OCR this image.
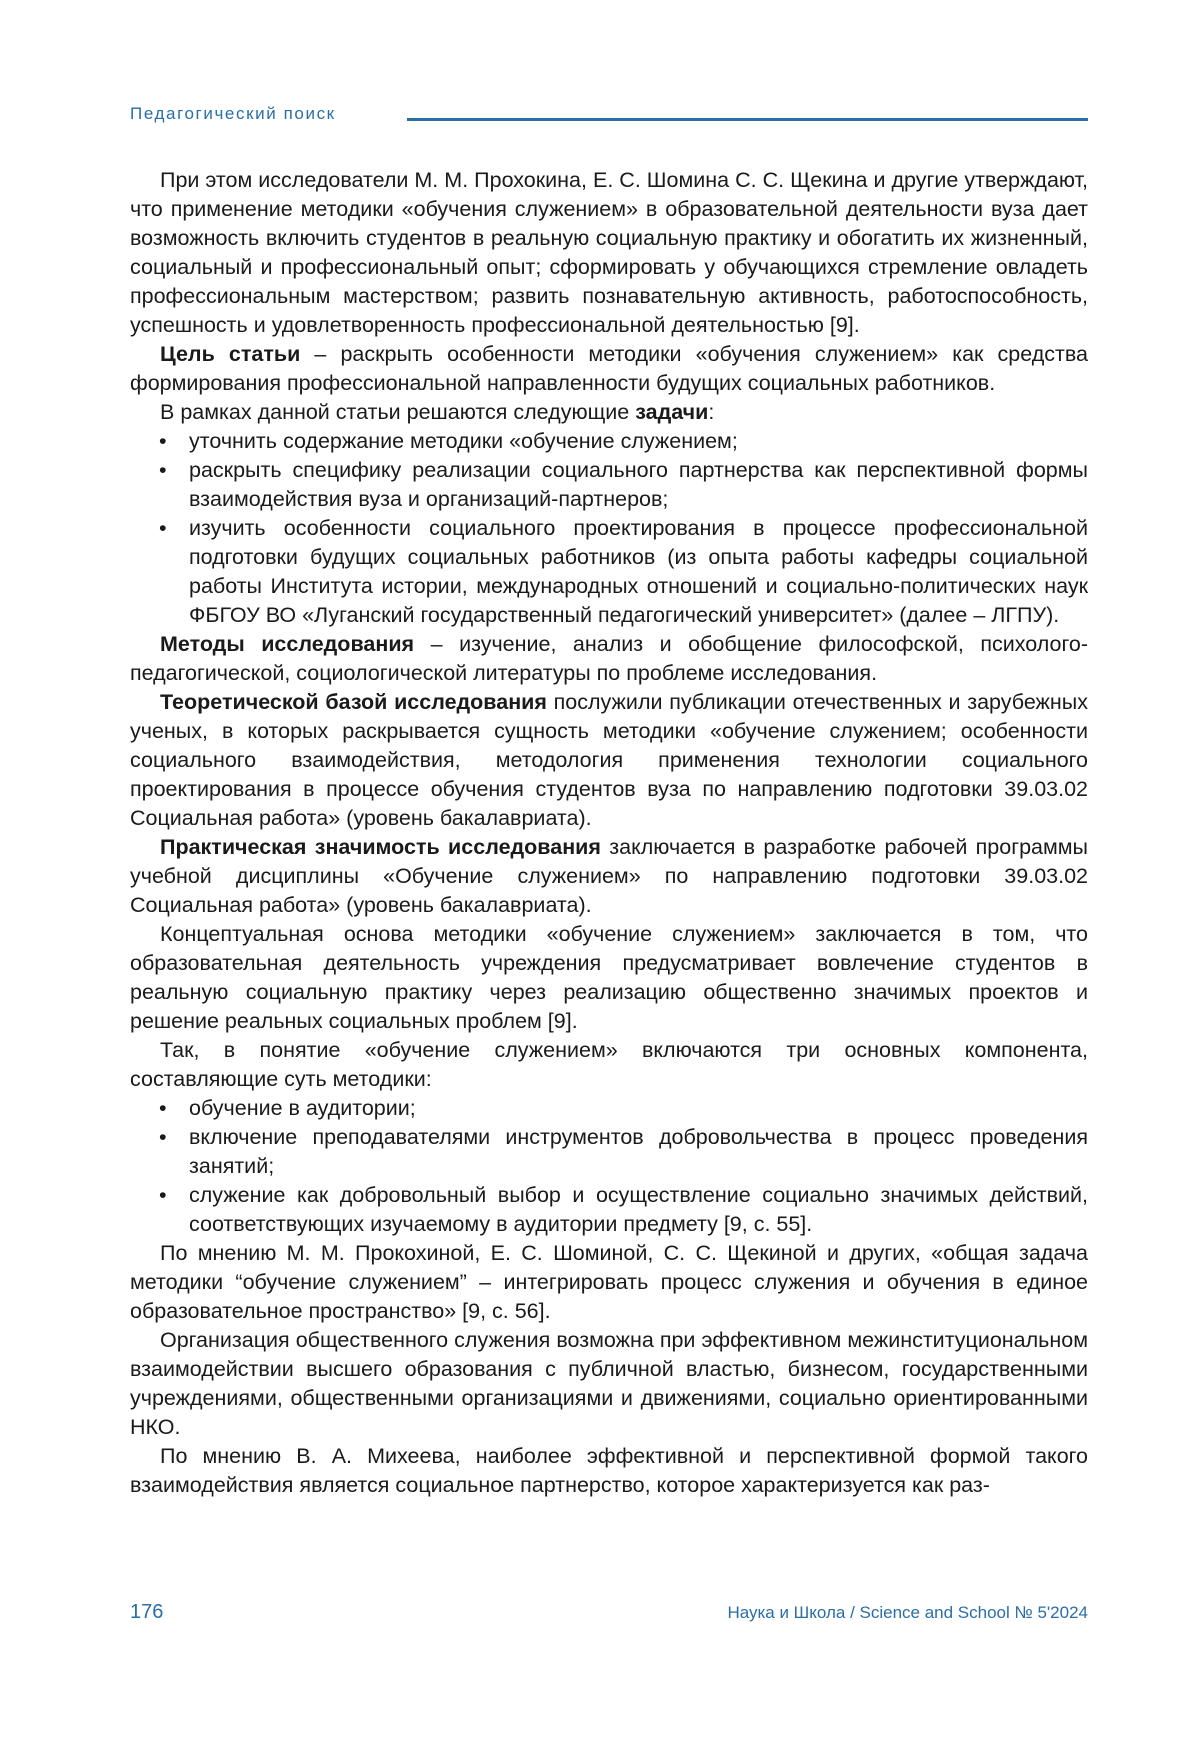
Педагогический поиск

При этом исследователи М. М. Прохокина, Е. С. Шомина С. С. Щекина и другие утверждают, что применение методики «обучения служением» в образовательной деятельности вуза дает возможность включить студентов в реальную социальную практику и обогатить их жизненный, социальный и профессиональный опыт; сформировать у обучающихся стремление овладеть профессиональным мастерством; развить познавательную активность, работоспособность, успешность и удовлетворенность профессиональной деятельностью [9].

Цель статьи – раскрыть особенности методики «обучения служением» как средства формирования профессиональной направленности будущих социальных работников.

В рамках данной статьи решаются следующие задачи:

• уточнить содержание методики «обучение служением;
• раскрыть специфику реализации социального партнерства как перспективной формы взаимодействия вуза и организаций-партнеров;
• изучить особенности социального проектирования в процессе профессиональной подготовки будущих социальных работников (из опыта работы кафедры социальной работы Института истории, международных отношений и социально-политических наук ФБГОУ ВО «Луганский государственный педагогический университет» (далее – ЛГПУ).

Методы исследования – изучение, анализ и обобщение философской, психолого-педагогической, социологической литературы по проблеме исследования.

Теоретической базой исследования послужили публикации отечественных и зарубежных ученых, в которых раскрывается сущность методики «обучение служением; особенности социального взаимодействия, методология применения технологии социального проектирования в процессе обучения студентов вуза по направлению подготовки 39.03.02 Социальная работа» (уровень бакалавриата).

Практическая значимость исследования заключается в разработке рабочей программы учебной дисциплины «Обучение служением» по направлению подготовки 39.03.02 Социальная работа» (уровень бакалавриата).

Концептуальная основа методики «обучение служением» заключается в том, что образовательная деятельность учреждения предусматривает вовлечение студентов в реальную социальную практику через реализацию общественно значимых проектов и решение реальных социальных проблем [9].

Так, в понятие «обучение служением» включаются три основных компонента, составляющие суть методики:

• обучение в аудитории;
• включение преподавателями инструментов добровольчества в процесс проведения занятий;
• служение как добровольный выбор и осуществление социально значимых действий, соответствующих изучаемому в аудитории предмету [9, с. 55].

По мнению М. М. Прокохиной, Е. С. Шоминой, С. С. Щекиной и других, «общая задача методики “обучение служением” – интегрировать процесс служения и обучения в единое образовательное пространство» [9, с. 56].

Организация общественного служения возможна при эффективном межинституциональном взаимодействии высшего образования с публичной властью, бизнесом, государственными учреждениями, общественными организациями и движениями, социально ориентированными НКО.

По мнению В. А. Михеева, наиболее эффективной и перспективной формой такого взаимодействия является социальное партнерство, которое характеризуется как раз-

176	Наука и Школа / Science and School № 5'2024
